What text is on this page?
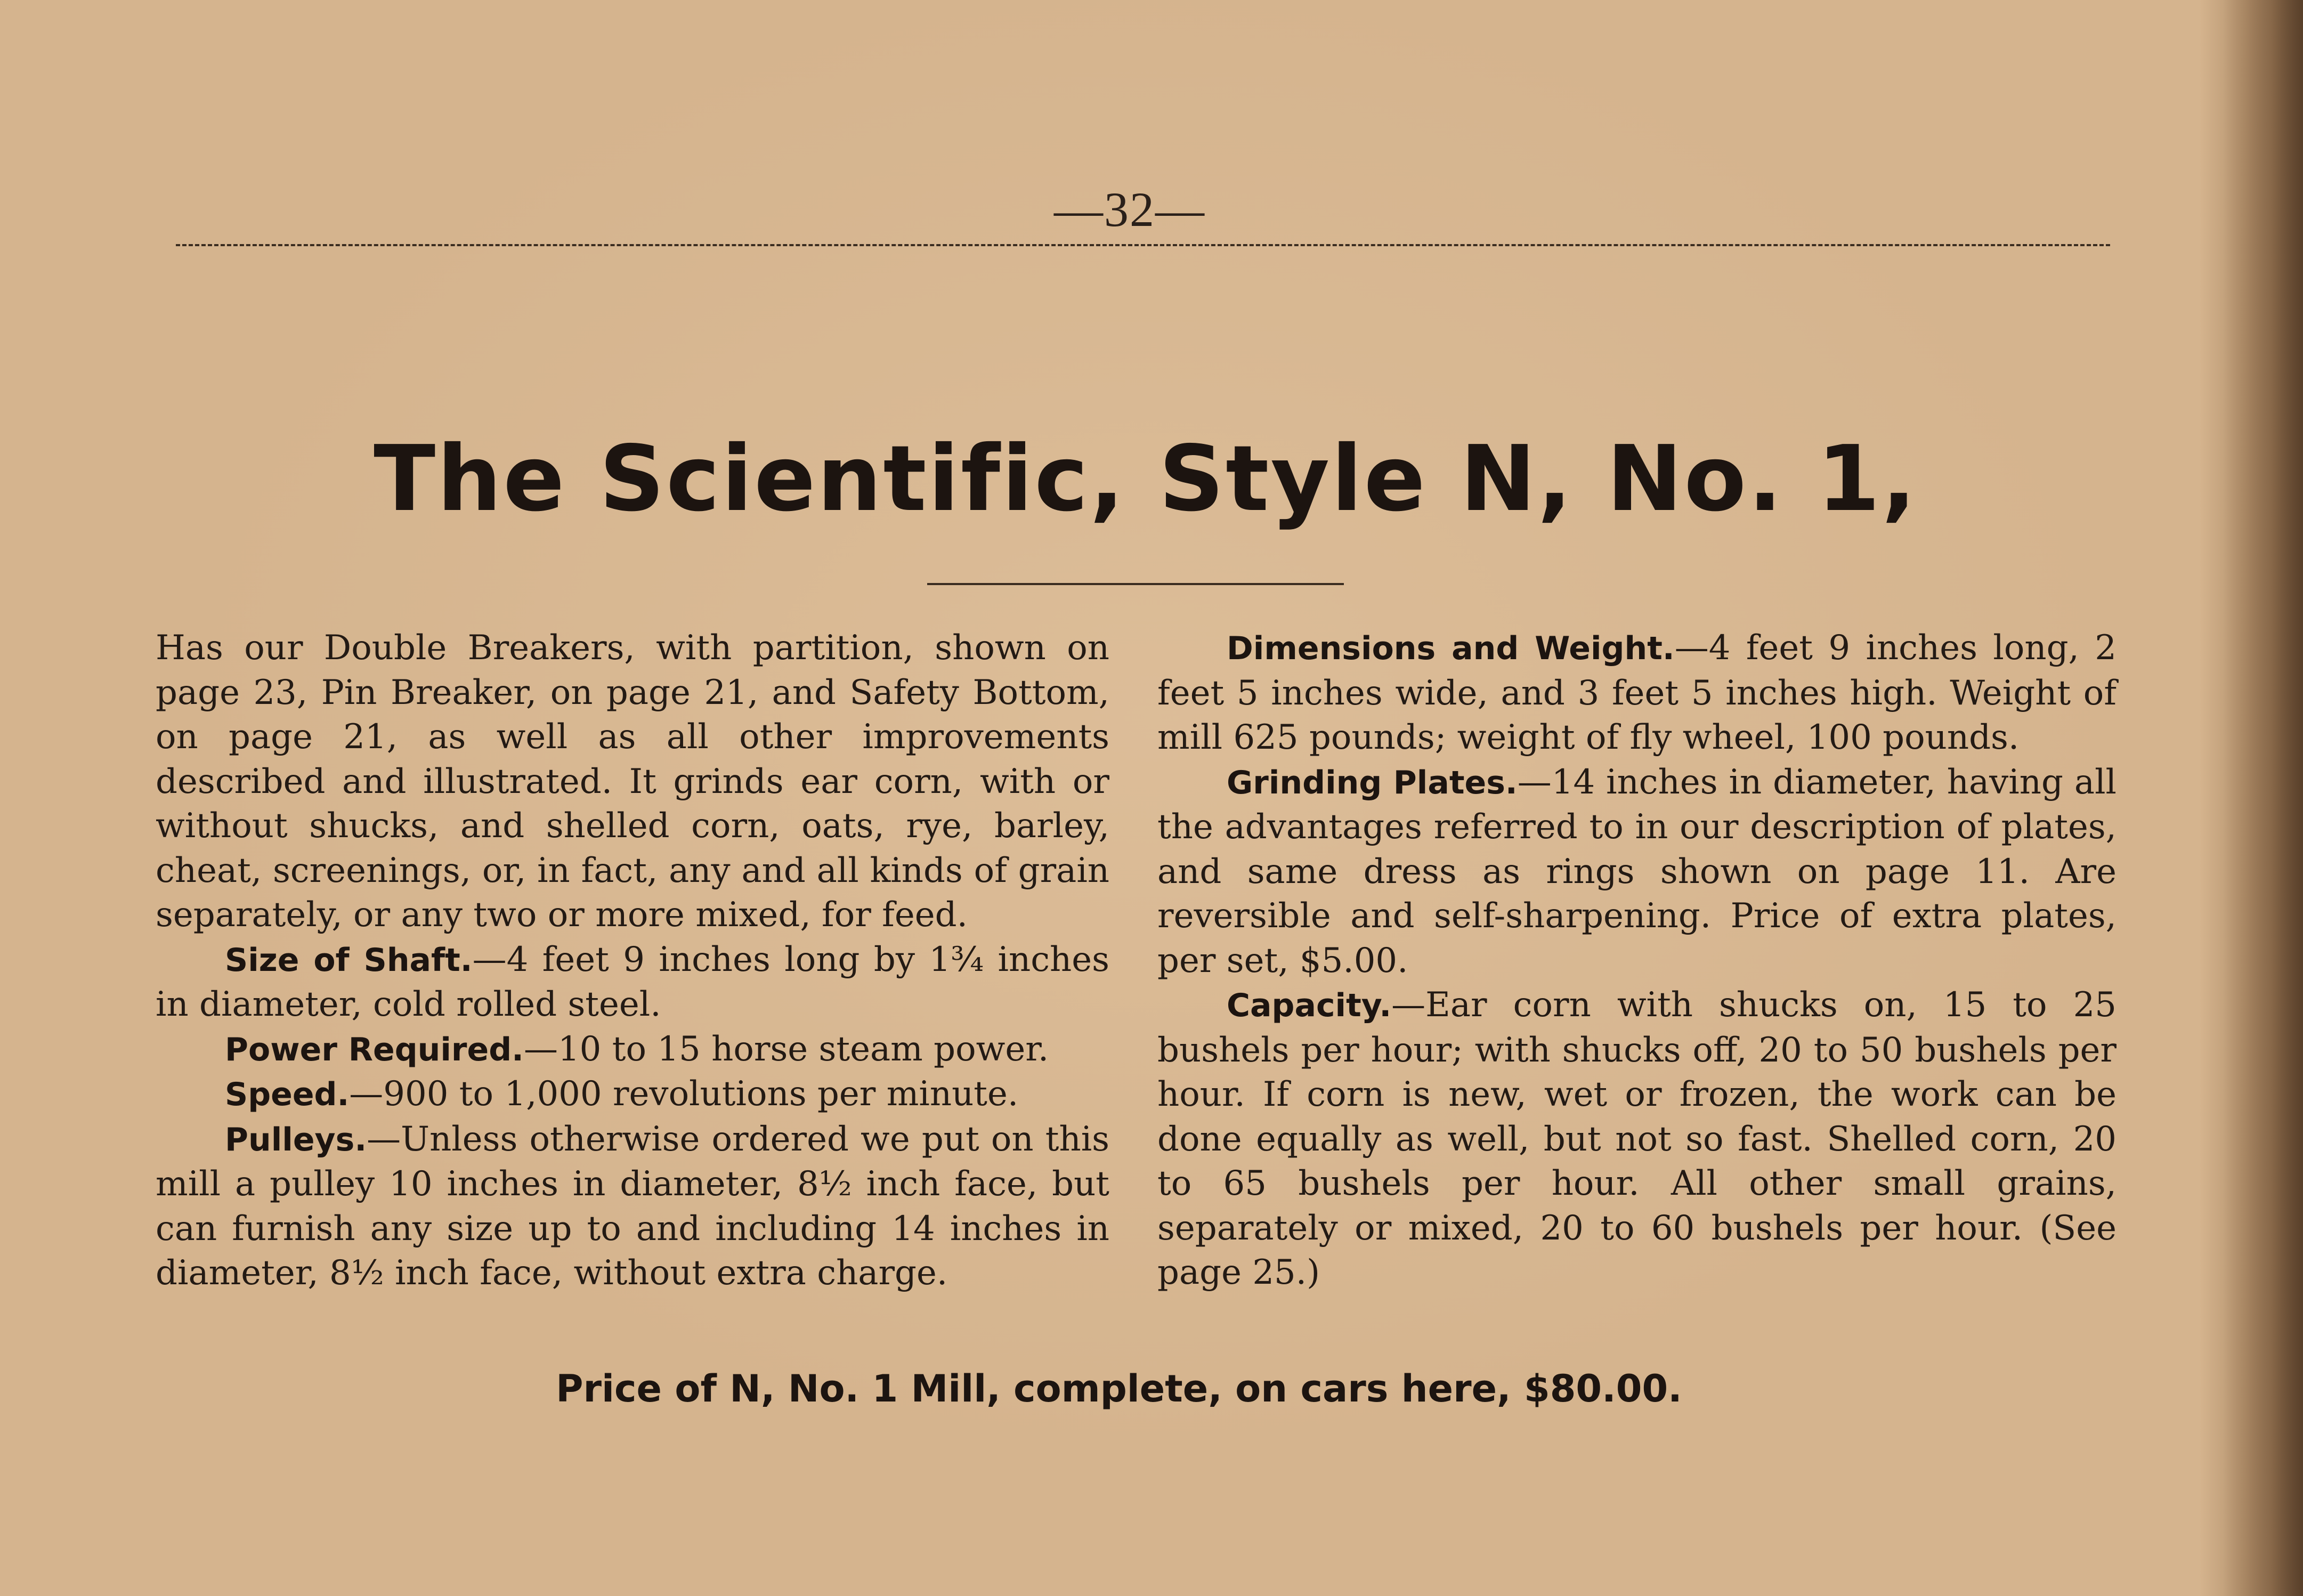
—32—
The Scientific, Style N, No. 1,

Has our Double Breakers, with partition, shown on page 23, Pin Breaker, on page 21, and Safety Bottom, on page 21, as well as all other improvements described and illustrated. It grinds ear corn, with or without shucks, and shelled corn, oats, rye, barley, cheat, screenings, or, in fact, any and all kinds of grain separately, or any two or more mixed, for feed.

Size of Shaft.—4 feet 9 inches long by 1¾ inches in diameter, cold rolled steel.

Power Required.—10 to 15 horse steam power.

Speed.—900 to 1,000 revolutions per minute.

Pulleys.—Unless otherwise ordered we put on this mill a pulley 10 inches in diameter, 8½ inch face, but can furnish any size up to and including 14 inches in diameter, 8½ inch face, without extra charge.

Dimensions and Weight.—4 feet 9 inches long, 2 feet 5 inches wide, and 3 feet 5 inches high. Weight of mill 625 pounds; weight of fly wheel, 100 pounds.

Grinding Plates.—14 inches in diameter, having all the advantages referred to in our description of plates, and same dress as rings shown on page 11. Are reversible and self-sharpening. Price of extra plates, per set, $5.00.

Capacity.—Ear corn with shucks on, 15 to 25 bushels per hour; with shucks off, 20 to 50 bushels per hour. If corn is new, wet or frozen, the work can be done equally as well, but not so fast. Shelled corn, 20 to 65 bushels per hour. All other small grains, separately or mixed, 20 to 60 bushels per hour. (See page 25.)

Price of N, No. 1 Mill, complete, on cars here, $80.00.
